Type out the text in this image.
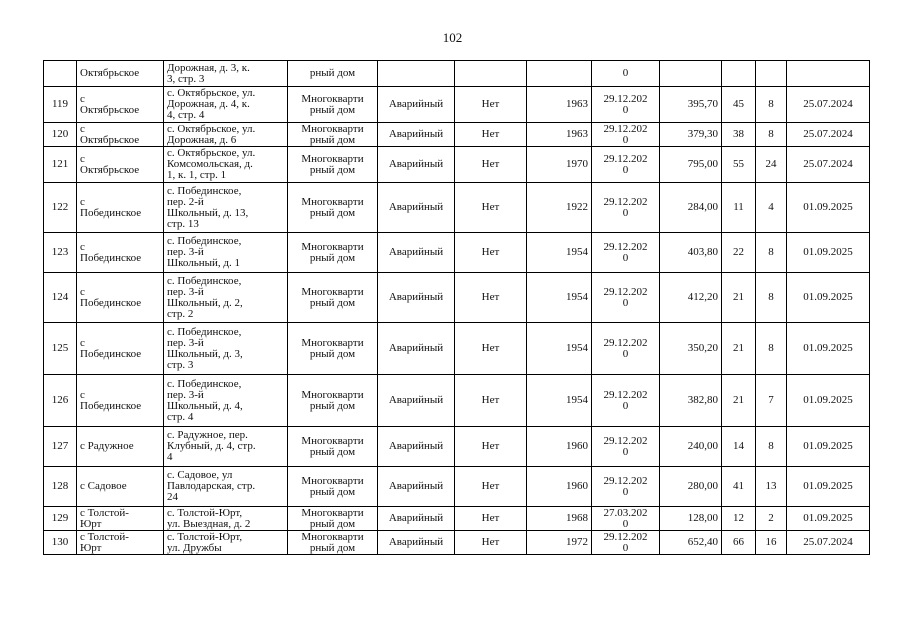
102
	Октябрьское	Дорожная, д. 3, к.
3, стр. 3	рный дом				0				
119	с
Октябрьское	с. Октябрьское, ул.
Дорожная, д. 4, к.
4, стр. 4	Многокварти
рный дом	Аварийный	Нет	1963	29.12.202
0	395,70	45	8	25.07.2024
120	с
Октябрьское	с. Октябрьское, ул.
Дорожная, д. 6	Многокварти
рный дом	Аварийный	Нет	1963	29.12.202
0	379,30	38	8	25.07.2024
121	с
Октябрьское	с. Октябрьское, ул.
Комсомольская, д.
1, к. 1, стр. 1	Многокварти
рный дом	Аварийный	Нет	1970	29.12.202
0	795,00	55	24	25.07.2024
122	с
Побединское	с. Побединское,
пер. 2-й
Школьный, д. 13,
стр. 13	Многокварти
рный дом	Аварийный	Нет	1922	29.12.202
0	284,00	11	4	01.09.2025
123	с
Побединское	с. Побединское,
пер. 3-й
Школьный, д. 1	Многокварти
рный дом	Аварийный	Нет	1954	29.12.202
0	403,80	22	8	01.09.2025
124	с
Побединское	с. Побединское,
пер. 3-й
Школьный, д. 2,
стр. 2	Многокварти
рный дом	Аварийный	Нет	1954	29.12.202
0	412,20	21	8	01.09.2025
125	с
Побединское	с. Побединское,
пер. 3-й
Школьный, д. 3,
стр. 3	Многокварти
рный дом	Аварийный	Нет	1954	29.12.202
0	350,20	21	8	01.09.2025
126	с
Побединское	с. Побединское,
пер. 3-й
Школьный, д. 4,
стр. 4	Многокварти
рный дом	Аварийный	Нет	1954	29.12.202
0	382,80	21	7	01.09.2025
127	с Радужное	с. Радужное, пер.
Клубный, д. 4, стр.
4	Многокварти
рный дом	Аварийный	Нет	1960	29.12.202
0	240,00	14	8	01.09.2025
128	с Садовое	с. Садовое, ул
Павлодарская, стр.
24	Многокварти
рный дом	Аварийный	Нет	1960	29.12.202
0	280,00	41	13	01.09.2025
129	с Толстой-
Юрт	с. Толстой-Юрт,
ул. Выездная, д. 2	Многокварти
рный дом	Аварийный	Нет	1968	27.03.202
0	128,00	12	2	01.09.2025
130	с Толстой-
Юрт	с. Толстой-Юрт,
ул. Дружбы	Многокварти
рный дом	Аварийный	Нет	1972	29.12.202
0	652,40	66	16	25.07.2024
